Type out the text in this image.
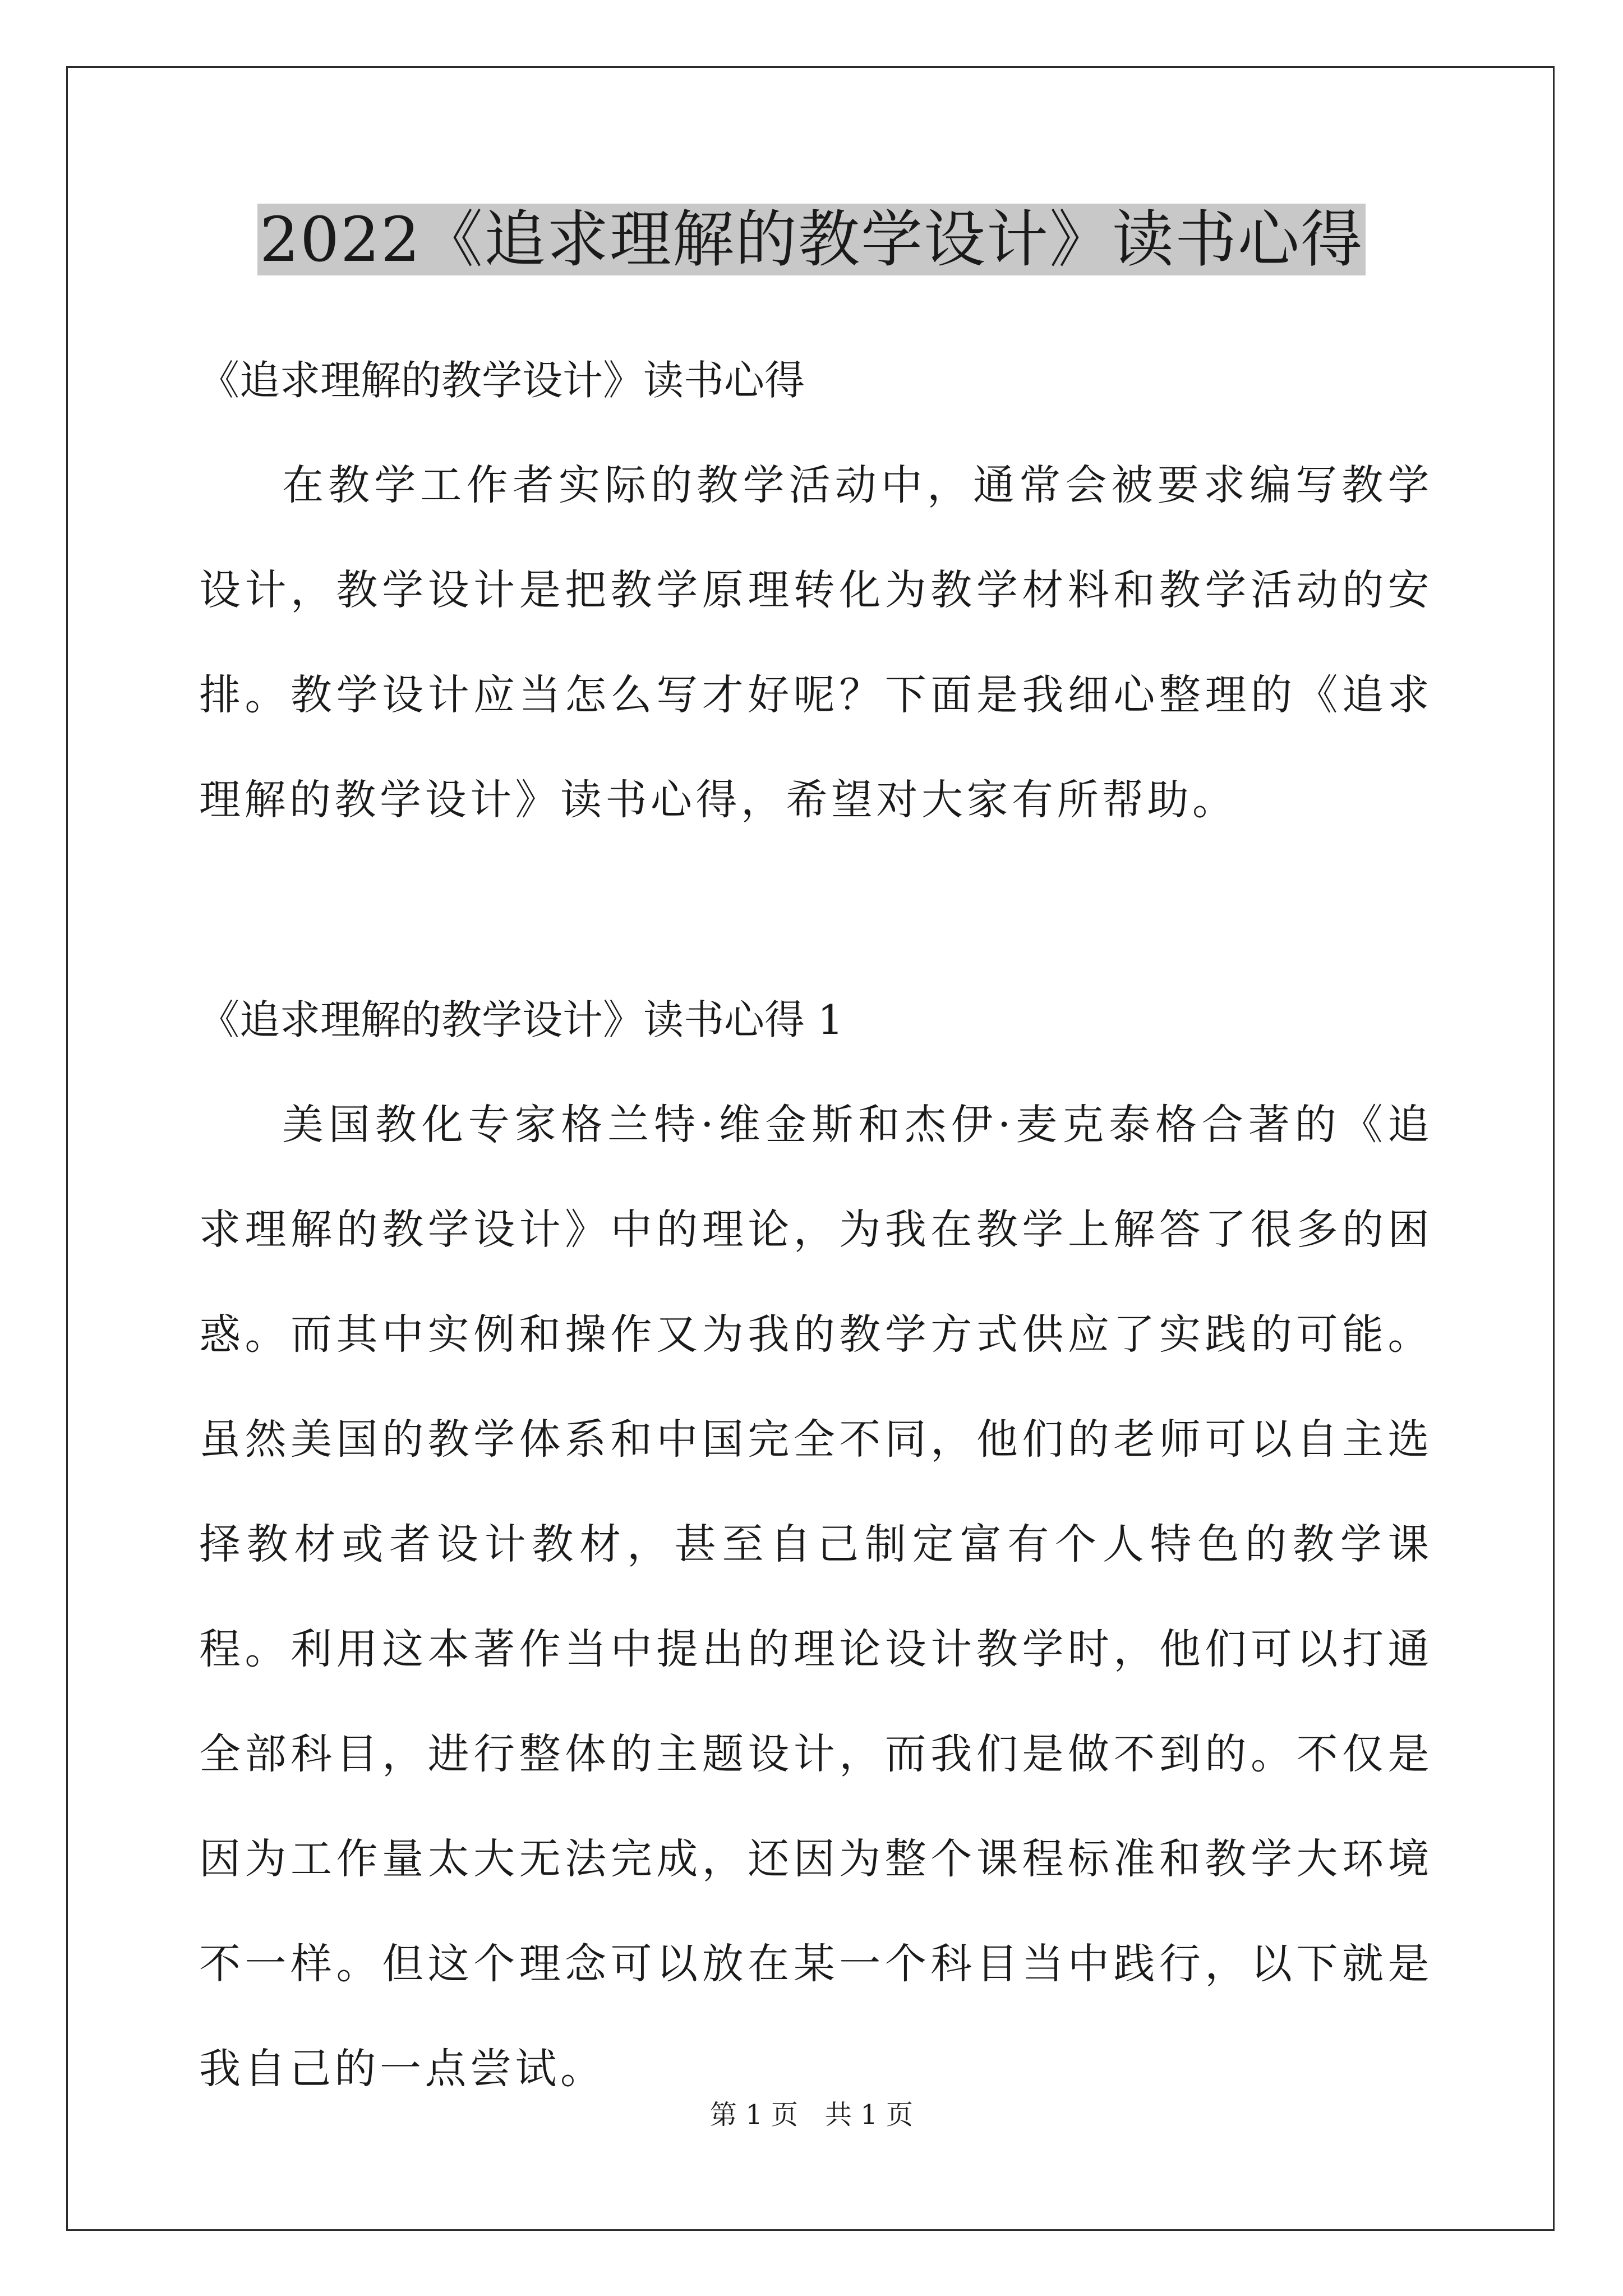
2022《追求理解的教学设计》读书心得
《追求理解的教学设计》读书心得
在教学工作者实际的教学活动中，通常会被要求编写教学设计，教学设计是把教学原理转化为教学材料和教学活动的安排。教学设计应当怎么写才好呢？下面是我细心整理的《追求理解的教学设计》读书心得，希望对大家有所帮助。
《追求理解的教学设计》读书心得 1
美国教化专家格兰特·维金斯和杰伊·麦克泰格合著的《追求理解的教学设计》中的理论，为我在教学上解答了很多的困惑。而其中实例和操作又为我的教学方式供应了实践的可能。虽然美国的教学体系和中国完全不同，他们的老师可以自主选择教材或者设计教材，甚至自己制定富有个人特色的教学课程。利用这本著作当中提出的理论设计教学时，他们可以打通全部科目，进行整体的主题设计，而我们是做不到的。不仅是因为工作量太大无法完成，还因为整个课程标准和教学大环境不一样。但这个理念可以放在某一个科目当中践行，以下就是我自己的一点尝试。
第 1 页　共 1 页
